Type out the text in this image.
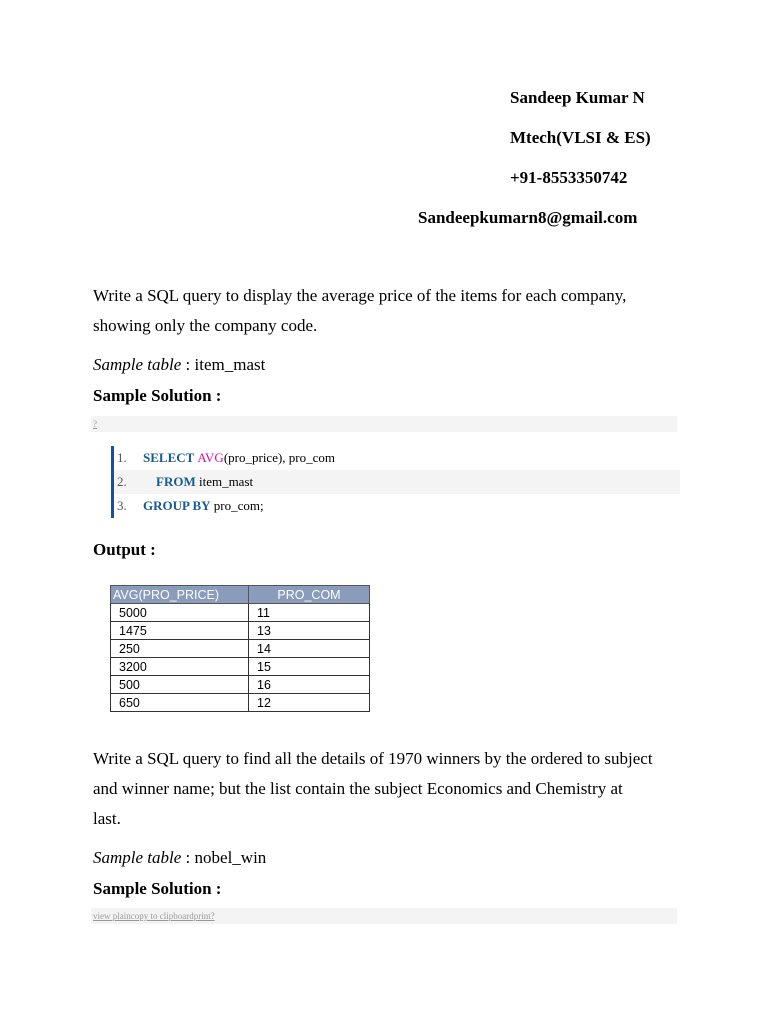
Sandeep Kumar N
Mtech(VLSI & ES)
+91-8553350742
Sandeepkumarn8@gmail.com
Write a SQL query to display the average price of the items for each company, showing only the company code.
Sample table : item_mast
Sample Solution :
?
1.	SELECT AVG(pro_price), pro_com
2.	FROM item_mast
3.	GROUP BY pro_com;
Output :
AVG(PRO_PRICE)	PRO_COM
5000	11
1475	13
250	14
3200	15
500	16
650	12
Write a SQL query to find all the details of 1970 winners by the ordered to subject and winner name; but the list contain the subject Economics and Chemistry at last.
Sample table : nobel_win
Sample Solution :
view plaincopy to clipboardprint?
